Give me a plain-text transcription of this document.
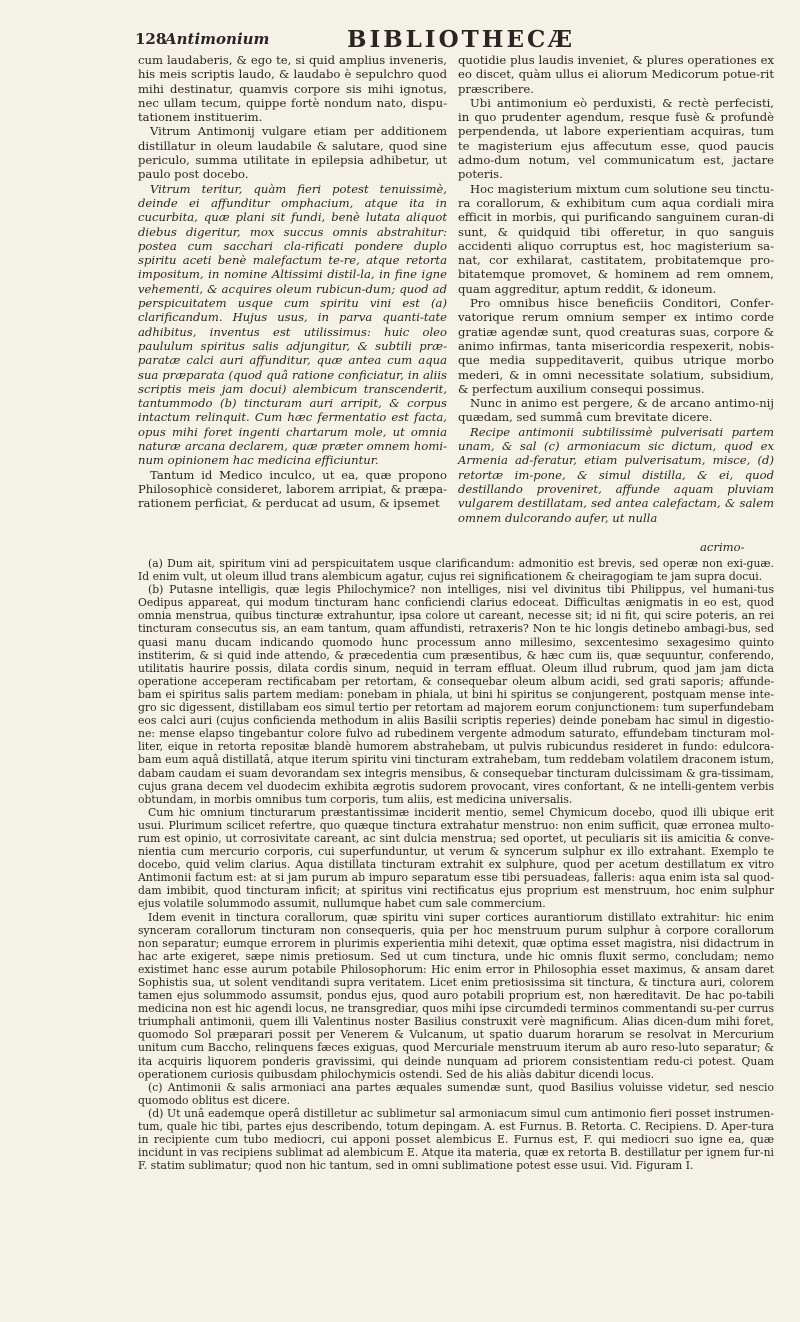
128
Antimonium	BIBLIOTHECÆ

cum laudaberis, & ego te, si quid amplius inveneris, his meis scriptis laudo, & laudabo è sepulchro quod mihi destinatur, quamvis corpore sis mihi ignotus, nec ullam tecum, quippe fortè nondum nato, dispu-tationem instituerim.

Vitrum Antimonij vulgare etiam per additionem distillatur in oleum laudabile & salutare, quod sine periculo, summa utilitate in epilepsia adhibetur, ut paulo post docebo.

Vitrum teritur, quàm fieri potest tenuissimè, deinde ei affunditur omphacium, atque ita in cucurbita, quæ plani sit fundi, benè lutata aliquot diebus digeritur, mox succus omnis abstrahitur: postea cum sacchari cla-rificati pondere duplo spiritu aceti benè malefactum te-re, atque retorta impositum, in nomine Altissimi distil-la, in fine igne vehementi, & acquires oleum rubicun-dum; quod ad perspicuitatem usque cum spiritu vini est (a) clarificandum. Hujus usus, in parva quanti-tate adhibitus, inventus est utilissimus: huic oleo paululum spiritus salis adjungitur, & subtili præ-paratæ calci auri affunditur, quæ antea cum aqua sua præparata (quod quâ ratione conficiatur, in aliis scriptis meis jam docui) alembicum transcenderit, tantummodo (b) tincturam auri arripit, & corpus intactum relinquit. Cum hæc fermentatio est facta, opus mihi foret ingenti chartarum mole, ut omnia naturæ arcana declarem, quæ præter omnem homi-num opinionem hac medicina efficiuntur.

Tantum id Medico inculco, ut ea, quæ propono Philosophicè consideret, laborem arripiat, & præpa-rationem perficiat, & perducat ad usum, & ipsemet

quotidie plus laudis inveniet, & plures operationes ex eo discet, quàm ullus ei aliorum Medicorum potue-rit præscribere.

Ubi antimonium eò perduxisti, & rectè perfecisti, in quo prudenter agendum, resque fusè & profundè perpendenda, ut labore experientiam acquiras, tum te magisterium ejus affecutum esse, quod paucis admo-dum notum, vel communicatum est, jactare poteris.

Hoc magisterium mixtum cum solutione seu tinctu-ra corallorum, & exhibitum cum aqua cordiali mira efficit in morbis, qui purificando sanguinem curan-di sunt, & quidquid tibi offeretur, in quo sanguis accidenti aliquo corruptus est, hoc magisterium sa-nat, cor exhilarat, castitatem, probitatemque pro-bitatemque promovet, & hominem ad rem omnem, quam aggreditur, aptum reddit, & idoneum.

Pro omnibus hisce beneficiis Conditori, Confer-vatorique rerum omnium semper ex intimo corde gratiæ agendæ sunt, quod creaturas suas, corpore & animo infirmas, tanta misericordia respexerit, nobis-que media suppeditaverit, quibus utrique morbo mederi, & in omni necessitate solatium, subsidium, & perfectum auxilium consequi possimus.

Nunc in animo est pergere, & de arcano antimo-nij quædam, sed summâ cum brevitate dicere.

Recipe antimonii subtilissimè pulverisati partem unam, & sal (c) armoniacum sic dictum, quod ex Armenia ad-feratur, etiam pulverisatum, misce, (d) retortæ im-pone, & simul distilla, & ei, quod destillando proveniret, affunde aquam pluviam vulgarem destillatam, sed antea calefactam, & salem omnem dulcorando aufer, ut nulla

acrimo-

(a) Dum ait, spiritum vini ad perspicuitatem usque clarificandum: admonitio est brevis, sed operæ non exi-guæ. Id enim vult, ut oleum illud trans alembicum agatur, cujus rei significationem & cheiragogiam te jam supra docui.

(b) Putasne intelligis, quæ legis Philochymice? non intelliges, nisi vel divinitus tibi Philippus, vel humani-tus Oedipus appareat, qui modum tincturam hanc conficiendi clarius edoceat. Difficultas ænigmatis in eo est, quod omnia menstrua, quibus tincturæ extrahuntur, ipsa colore ut careant, necesse sit; id ni fit, qui scire poteris, an rei tincturam consecutus sis, an eam tantum, quam affundisti, retraxeris? Non te hic longis detinebo ambagi-bus, sed quasi manu ducam indicando quomodo hunc processum anno millesimo, sexcentesimo sexagesimo quinto institerim, & si quid inde attendo, & præcedentia cum præsentibus, & hæc cum iis, quæ sequuntur, conferendo, utilitatis haurire possis, dilata cordis sinum, nequid in terram effluat. Oleum illud rubrum, quod jam jam dicta operatione acceperam rectificabam per retortam, & consequebar oleum album acidi, sed grati saporis; affunde-bam ei spiritus salis partem mediam: ponebam in phiala, ut bini hi spiritus se conjungerent, postquam mense inte-gro sic digessent, distillabam eos simul tertio per retortam ad majorem eorum conjunctionem: tum superfundebam eos calci auri (cujus conficienda methodum in aliis Basilii scriptis reperies) deinde ponebam hac simul in digestio-ne: mense elapso tingebantur colore fulvo ad rubedinem vergente admodum saturato, effundebam tincturam mol-liter, eique in retorta repositæ blandè humorem abstrahebam, ut pulvis rubicundus resideret in fundo: edulcora-bam eum aquâ distillatâ, atque iterum spiritu vini tincturam extrahebam, tum reddebam volatilem draconem istum, dabam caudam ei suam devorandam sex integris mensibus, & consequebar tincturam dulcissimam & gra-tissimam, cujus grana decem vel duodecim exhibita ægrotis sudorem provocant, vires confortant, & ne intelli-gentem verbis obtundam, in morbis omnibus tum corporis, tum aliis, est medicina universalis.

Cum hic omnium tincturarum præstantissimæ inciderit mentio, semel Chymicum docebo, quod illi ubique erit usui. Plurimum scilicet refertre, quo quæque tinctura extrahatur menstruo: non enim sufficit, quæ erronea multo-rum est opinio, ut corrosivitate careant, ac sint dulcia menstrua; sed oportet, ut peculiaris sit iis amicitia & conve-nientia cum mercurio corporis, cui superfunduntur, ut verum & syncerum sulphur ex illo extrahant. Exemplo te docebo, quid velim clarius. Aqua distillata tincturam extrahit ex sulphure, quod per acetum destillatum ex vitro Antimonii factum est: at si jam purum ab impuro separatum esse tibi persuadeas, falleris: aqua enim ista sal quod-dam imbibit, quod tincturam inficit; at spiritus vini rectificatus ejus proprium est menstruum, hoc enim sulphur ejus volatile solummodo assumit, nullumque habet cum sale commercium.

Idem evenit in tinctura corallorum, quæ spiritu vini super cortices aurantiorum distillato extrahitur: hic enim synceram corallorum tincturam non consequeris, quia per hoc menstruum purum sulphur à corpore corallorum non separatur; eumque errorem in plurimis experientia mihi detexit, quæ optima esset magistra, nisi didactrum in hac arte exigeret, sæpe nimis pretiosum. Sed ut cum tinctura, unde hic omnis fluxit sermo, concludam; nemo existimet hanc esse aurum potabile Philosophorum: Hic enim error in Philosophia esset maximus, & ansam daret Sophistis sua, ut solent venditandi supra veritatem. Licet enim pretiosissima sit tinctura, & tinctura auri, colorem tamen ejus solummodo assumsit, pondus ejus, quod auro potabili proprium est, non hæreditavit. De hac po-tabili medicina non est hic agendi locus, ne transgrediar, quos mihi ipse circumdedi terminos commentandi su-per currus triumphali antimonii, quem illi Valentinus noster Basilius construxit verè magnificum. Alias dicen-dum mihi foret, quomodo Sol præparari possit per Venerem & Vulcanum, ut spatio duarum horarum se resolvat in Mercurium unitum cum Baccho, relinquens fæces exiguas, quod Mercuriale menstruum iterum ab auro reso-luto separatur; & ita acquiris liquorem ponderis gravissimi, qui deinde nunquam ad priorem consistentiam redu-ci potest. Quam operationem curiosis quibusdam philochymicis ostendi. Sed de his aliàs dabitur dicendi locus.

(c) Antimonii & salis armoniaci ana partes æquales sumendæ sunt, quod Basilius voluisse videtur, sed nescio quomodo oblitus est dicere.

(d) Ut unâ eademque operâ distilletur ac sublimetur sal armoniacum simul cum antimonio fieri posset instrumen-tum, quale hic tibi, partes ejus describendo, totum depingam. A. est Furnus. B. Retorta. C. Recipiens. D. Aper-tura in recipiente cum tubo mediocri, cui apponi posset alembicus E. Furnus est, F. qui mediocri suo igne ea, quæ incidunt in vas recipiens sublimat ad alembicum E. Atque ita materia, quæ ex retorta B. destillatur per ignem fur-ni F. statim sublimatur; quod non hic tantum, sed in omni sublimatione potest esse usui. Vid. Figuram I.
